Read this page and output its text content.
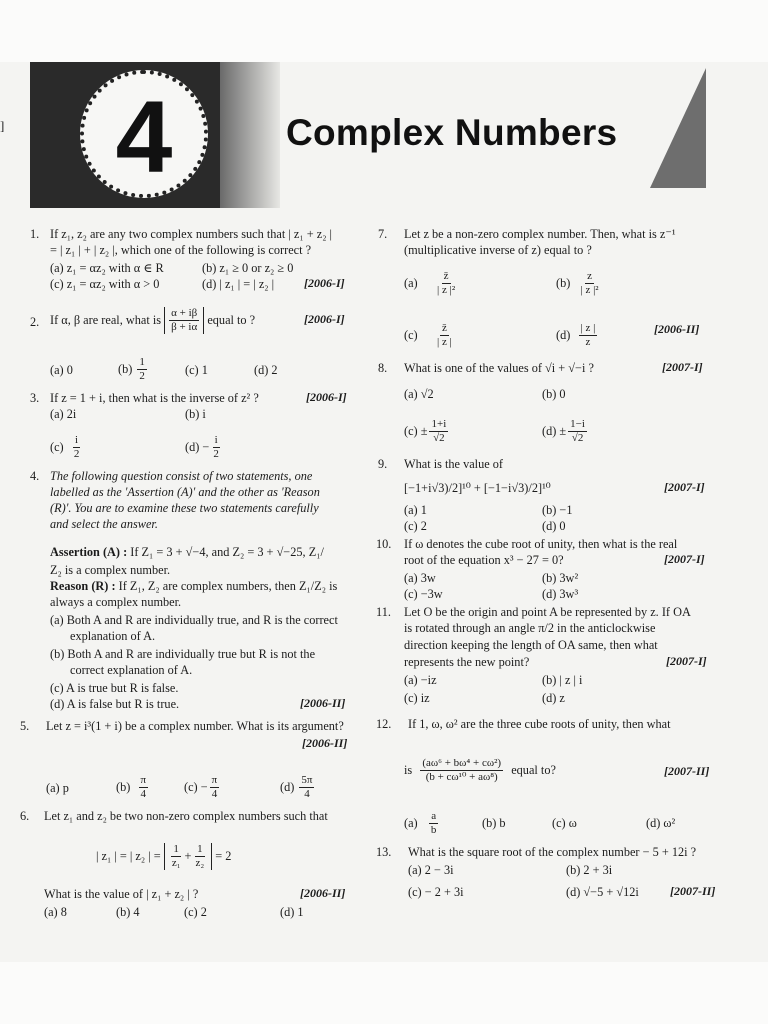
4	Complex Numbers
]
1. If z₁, z₂ are any two complex numbers such that | z₁ + z₂ |
= | z₁ | + | z₂ |, which one of the following is correct ?
(a) z₁ = αz₂ with α ∈ R	(b) z₁ ≥ 0 or z₂ ≥ 0
(c) z₁ = αz₂ with α > 0	(d) | z₁ | = | z₂ | [2006-I]
2. If α, β are real, what is
$\frac{\alpha + i\beta}{\beta + i\alpha}$
equal to ?	[2006-I]
(a) 0	(b)
$\frac{1}{2}$	(c) 1	(d) 2
3. If z = 1 + i, then what is the inverse of z² ?	[2006-I]
(a) 2i	(b) i
(c)
$\frac{i}{2}$	$(d) - \frac{i}{2}$
4. The following question consist of two statements, one
labelled as the 'Assertion (A)' and the other as 'Reason
(R)'. You are to examine these two statements carefully
and select the answer.
Assertion (A) : If Z₁ = 3 + √−4, and Z₂ = 3 + √−25, Z₁/
Z₂ is a complex number.
Reason (R) : If Z₁, Z₂ are complex numbers, then Z₁/Z₂ is
always a complex number.
(a) Both A and R are individually true, and R is the correct
explanation of A.
(b) Both A and R are individually true but R is not the
correct explanation of A.
(c) A is true but R is false.
(d) A is false but R is true.	[2006-II]
5. Let z = i³(1 + i) be a complex number. What is its argument?
[2006-II]
(a) p	(b)
$\frac{\pi}{4}$	$(c) - \frac{\pi}{4}$	(d)
$\frac{5\pi}{4}$
6. Let z₁ and z₂ be two non-zero complex numbers such that
| z₁ | = | z₂ | =
$\frac{1}{\text{z₁}} + \frac{1}{\text{z₂}}$
= 2
What is the value of | z₁ + z₂ | ?	[2006-II]
(a) 8	(b) 4	(c) 2	(d) 1
7. Let z be a non-zero complex number. Then, what is z⁻¹
(multiplicative inverse of z) equal to ?
(a)
$\frac{z̄}{\text{| z |²}}$	(b)
$\frac{z}{\text{| z |²}}$
(c)
$\frac{z̄}{| z |}$	(d)
$\frac{| z |}{z}$	[2006-II]
8. What is one of the values of √i + √−i ?	[2007-I]
(a) √2	(b) 0
$(c) \pm \frac{1+i}{√2}$	$(d) \pm \frac{1-i}{√2}$
9. What is the value of
[−1+i√3)/2]¹⁰ + [−1−i√3)/2]¹⁰	[2007-I]
(a) 1	(b) −1
(c) 2	(d) 0
10. If ω denotes the cube root of unity, then what is the real
root of the equation x³ − 27 = 0?	[2007-I]
(a) 3w	(b) 3w²
(c) −3w	(d) 3w³
11. Let O be the origin and point A be represented by z. If OA
is rotated through an angle π/2 in the anticlockwise
direction keeping the length of OA same, then what
represents the new point?	[2007-I]
(a) −iz	(b) | z | i
(c) iz	(d) z
12. If 1, ω, ω² are the three cube roots of unity, then what
is
$\frac{\text{(aω⁶ + bω⁴ + cω²)}}{\text{(b + cω¹⁰ + aω⁸)}}$
equal to?	[2007-II]
(a)
$\frac{a}{b}$	(b) b	(c) ω	(d) ω²
13. What is the square root of the complex number − 5 + 12i ?
(a) 2 − 3i	(b) 2 + 3i
(c) − 2 + 3i	(d) √−5 + √12i	[2007-II]
